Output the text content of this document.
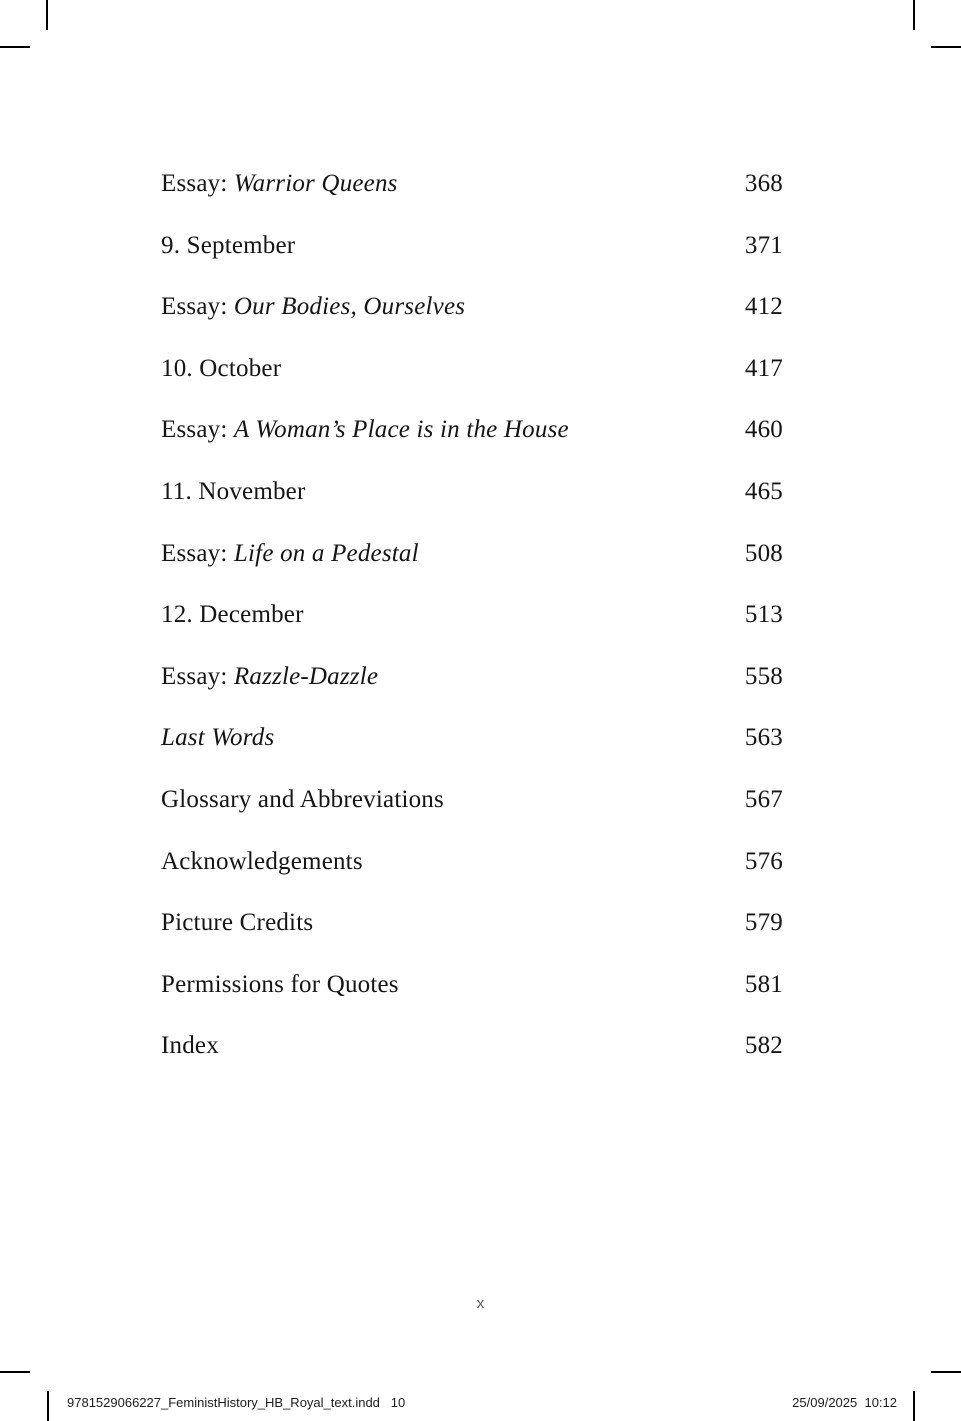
Essay: Warrior Queens	368
9. September	371
Essay: Our Bodies, Ourselves	412
10. October	417
Essay: A Woman’s Place is in the House	460
11. November	465
Essay: Life on a Pedestal	508
12. December	513
Essay: Razzle-Dazzle	558
Last Words	563
Glossary and Abbreviations	567
Acknowledgements	576
Picture Credits	579
Permissions for Quotes	581
Index	582
x
9781529066227_FeministHistory_HB_Royal_text.indd   10	25/09/2025  10:12
